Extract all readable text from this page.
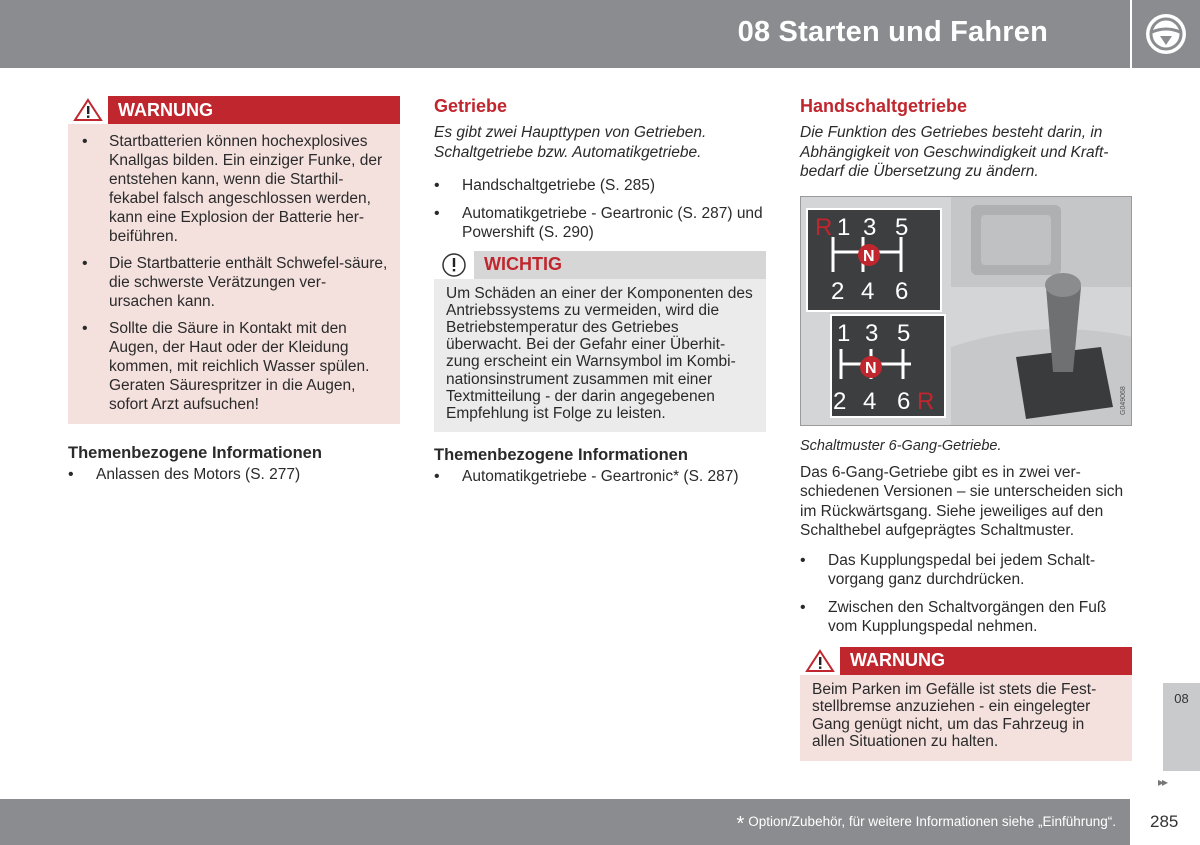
08 Starten und Fahren
WARNUNG
• Startbatterien können hochexplosives Knallgas bilden. Ein einziger Funke, der entstehen kann, wenn die Starthil-fekabel falsch angeschlossen werden, kann eine Explosion der Batterie her-beiführen.
• Die Startbatterie enthält Schwefel-säure, die schwerste Verätzungen ver-ursachen kann.
• Sollte die Säure in Kontakt mit den Augen, der Haut oder der Kleidung kommen, mit reichlich Wasser spülen. Geraten Säurespritzer in die Augen, sofort Arzt aufsuchen!
Themenbezogene Informationen
• Anlassen des Motors (S. 277)
Getriebe

Es gibt zwei Haupttypen von Getrieben. Schaltgetriebe bzw. Automatikgetriebe.

• Handschaltgetriebe (S. 285)
• Automatikgetriebe - Geartronic (S. 287) und Powershift (S. 290)
WICHTIG
Um Schäden an einer der Komponenten des Antriebssystems zu vermeiden, wird die Betriebstemperatur des Getriebes überwacht. Bei der Gefahr einer Überhit-zung erscheint ein Warnsymbol im Kombi-nationsinstrument zusammen mit einer Textmitteilung - der darin angegebenen Empfehlung ist Folge zu leisten.
Themenbezogene Informationen
• Automatikgetriebe - Geartronic* (S. 287)
Handschaltgetriebe

Die Funktion des Getriebes besteht darin, in Abhängigkeit von Geschwindigkeit und Kraft-bedarf die Übersetzung zu ändern.

R 1 3 5
N
2 4 6
1 3 5
N
2 4 6 R	G049068

Schaltmuster 6-Gang-Getriebe.

Das 6-Gang-Getriebe gibt es in zwei ver-schiedenen Versionen – sie unterscheiden sich im Rückwärtsgang. Siehe jeweiliges auf den Schalthebel aufgeprägtes Schaltmuster.

• Das Kupplungspedal bei jedem Schalt-vorgang ganz durchdrücken.
• Zwischen den Schaltvorgängen den Fuß vom Kupplungspedal nehmen.
WARNUNG
Beim Parken im Gefälle ist stets die Fest-stellbremse anzuziehen - ein eingelegter Gang genügt nicht, um das Fahrzeug in allen Situationen zu halten.
08
▸▸
* Option/Zubehör, für weitere Informationen siehe „Einführung“. 285
